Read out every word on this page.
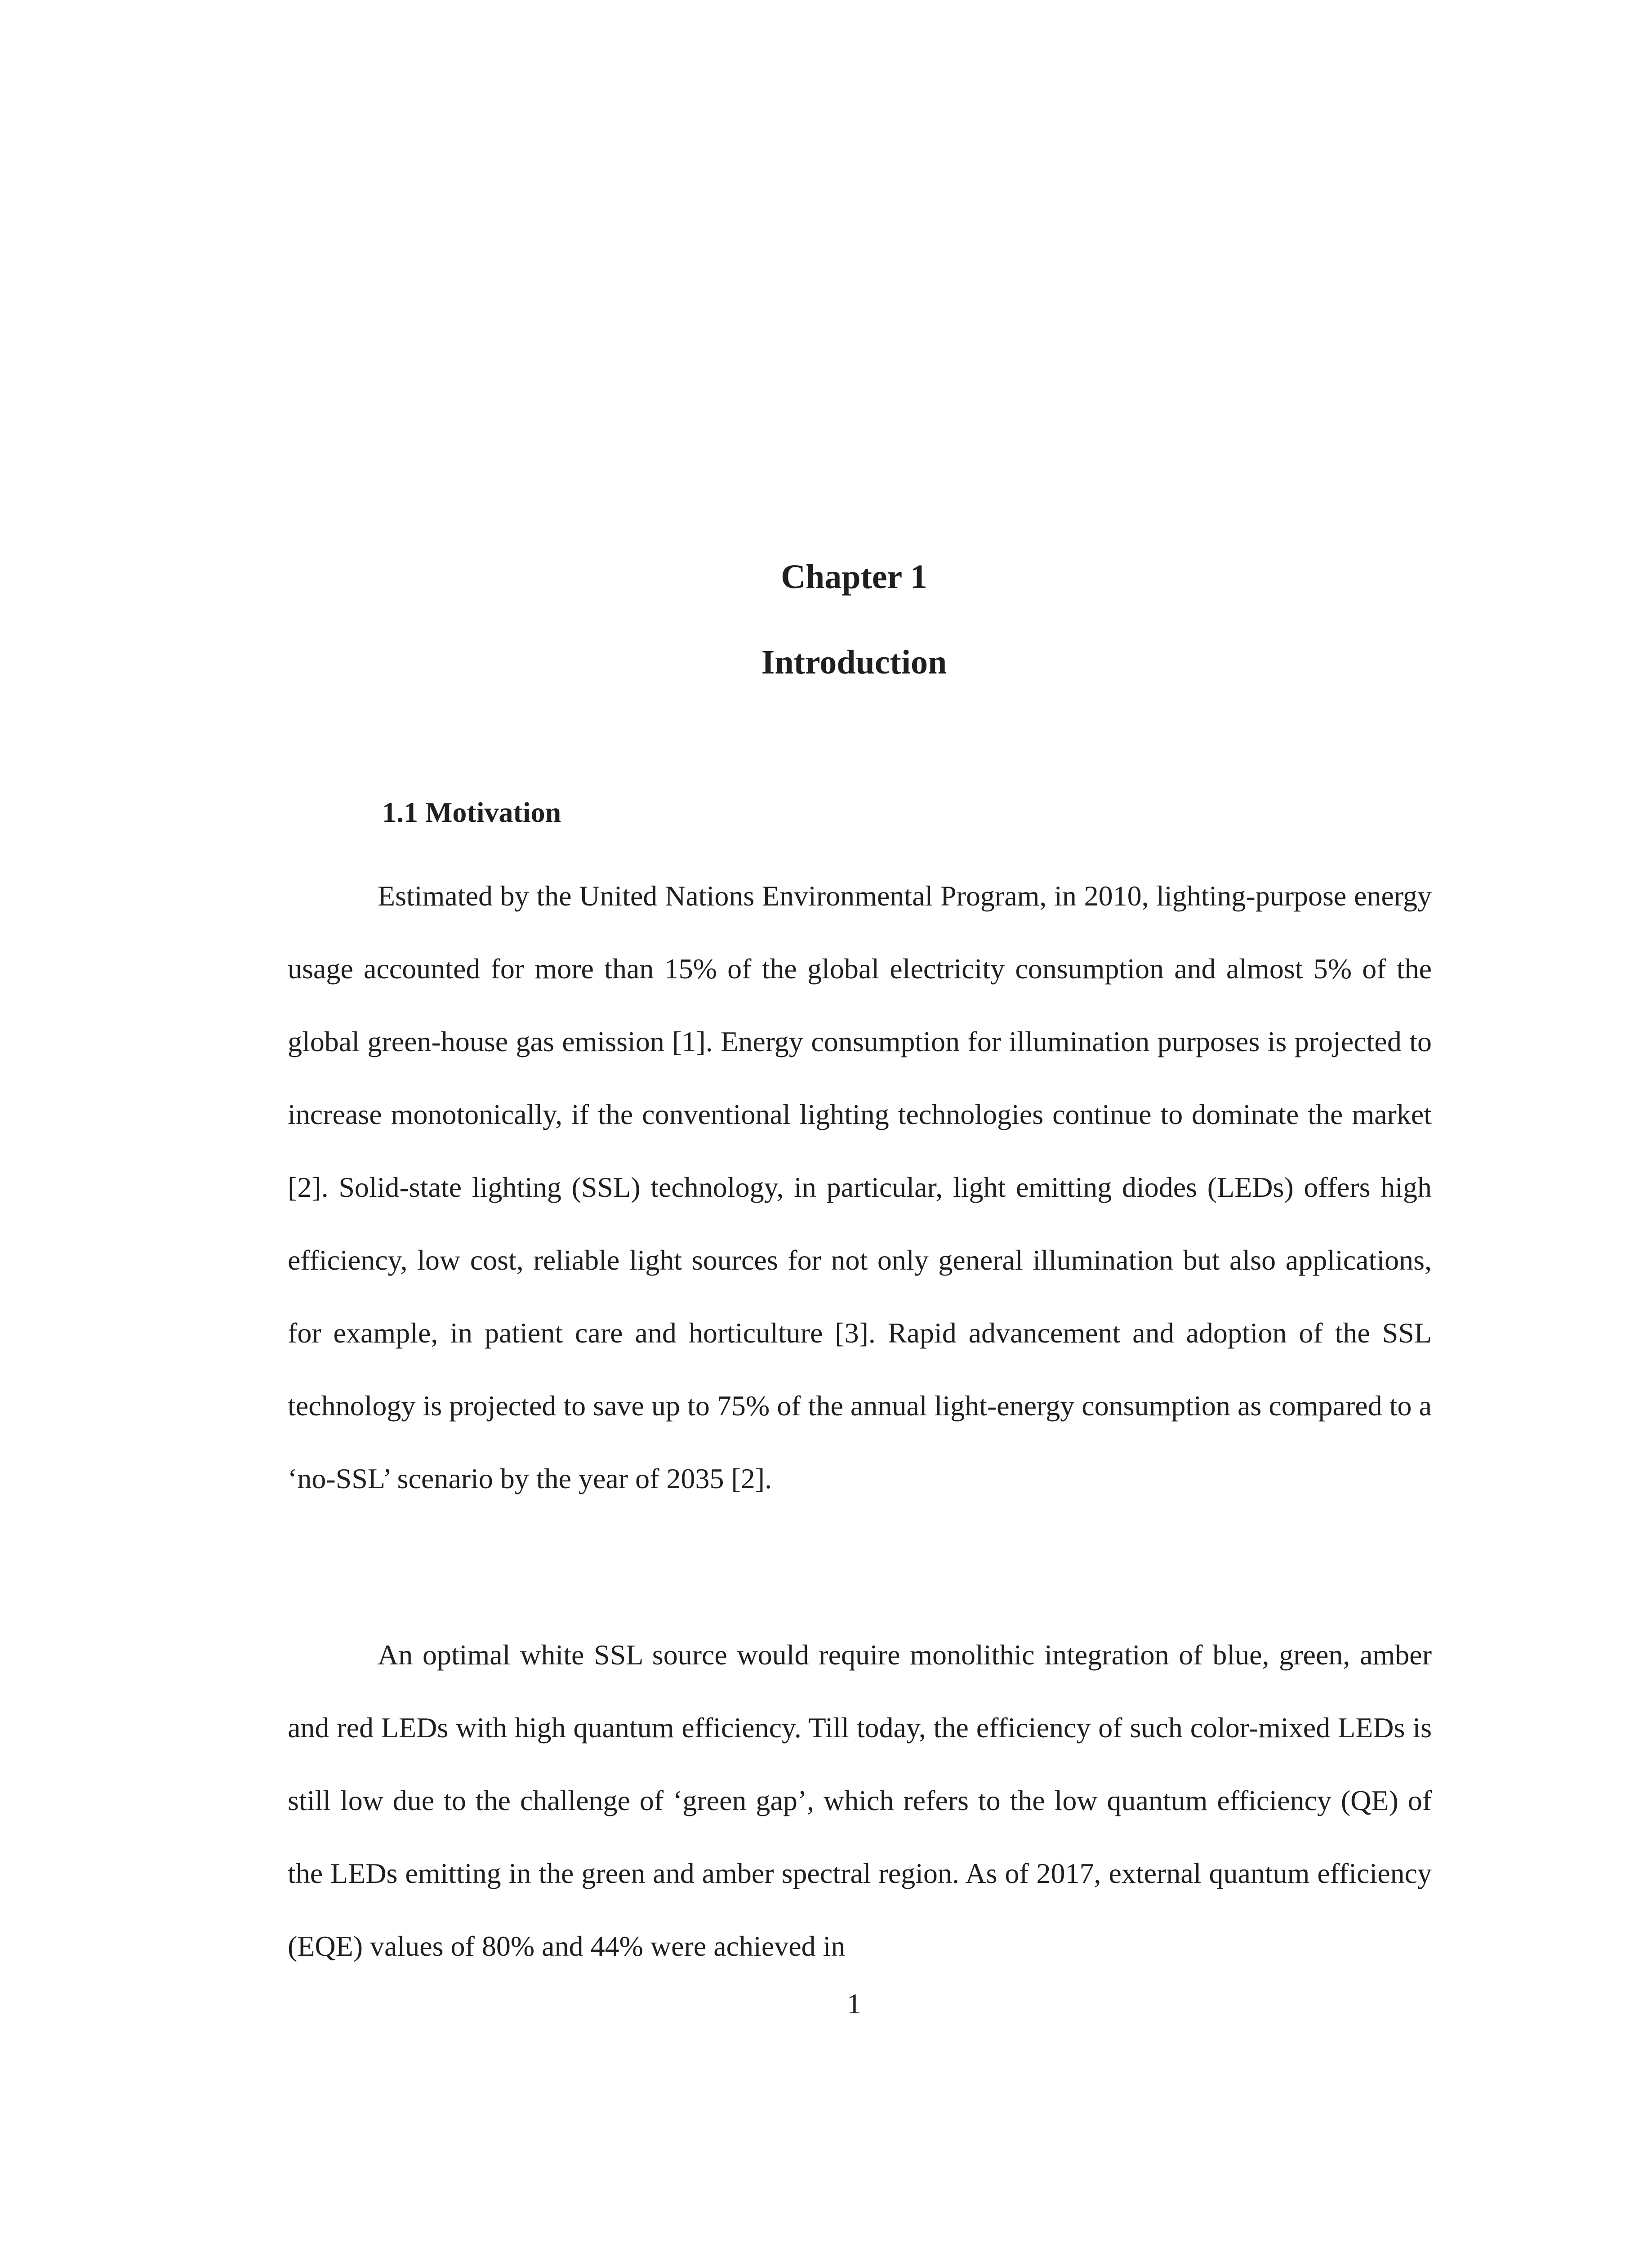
Chapter 1
Introduction
1.1 Motivation

Estimated by the United Nations Environmental Program, in 2010, lighting-purpose energy usage accounted for more than 15% of the global electricity consumption and almost 5% of the global green-house gas emission [1]. Energy consumption for illumination purposes is projected to increase monotonically, if the conventional lighting technologies continue to dominate the market [2]. Solid-state lighting (SSL) technology, in particular, light emitting diodes (LEDs) offers high efficiency, low cost, reliable light sources for not only general illumination but also applications, for example, in patient care and horticulture [3]. Rapid advancement and adoption of the SSL technology is projected to save up to 75% of the annual light-energy consumption as compared to a ‘no-SSL’ scenario by the year of 2035 [2].

An optimal white SSL source would require monolithic integration of blue, green, amber and red LEDs with high quantum efficiency. Till today, the efficiency of such color-mixed LEDs is still low due to the challenge of ‘green gap’, which refers to the low quantum efficiency (QE) of the LEDs emitting in the green and amber spectral region. As of 2017, external quantum efficiency (EQE) values of 80% and 44% were achieved in

1
